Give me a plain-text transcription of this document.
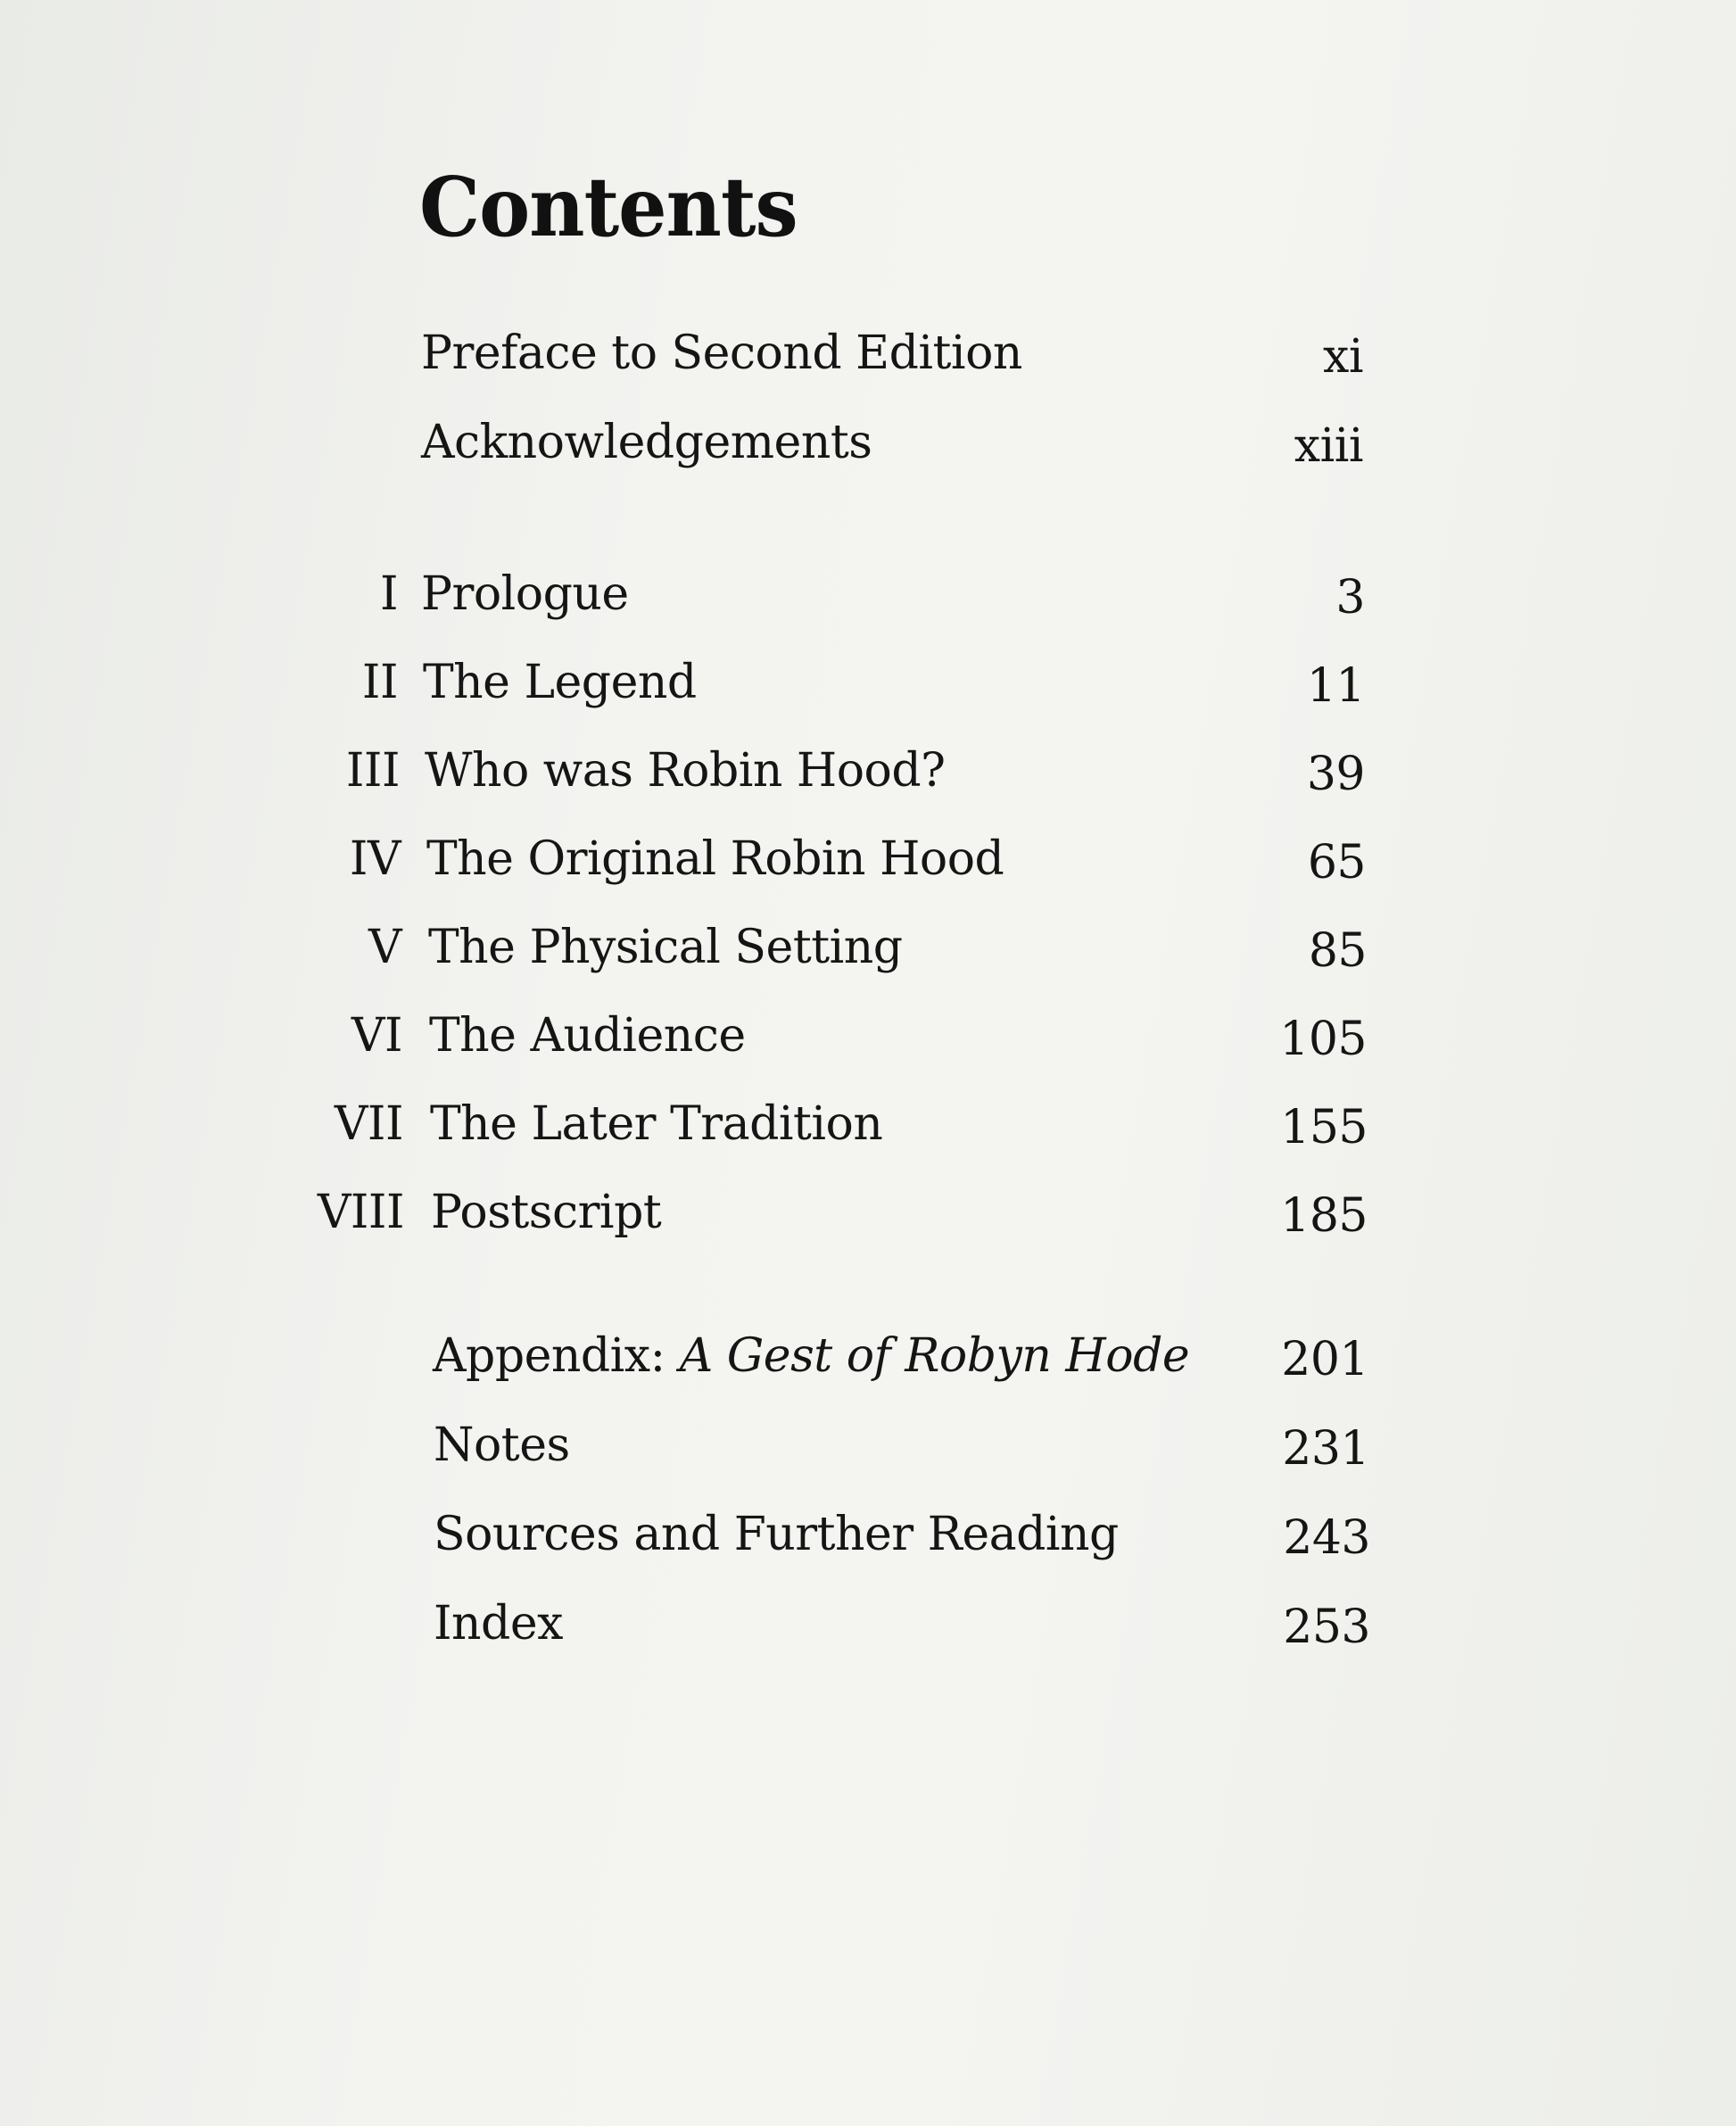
Contents
Preface to Second Edition	xi
Acknowledgements	xiii
I Prologue	3
II The Legend	11
III Who was Robin Hood?	39
IV The Original Robin Hood	65
V The Physical Setting	85
VI The Audience	105
VII The Later Tradition	155
VIII Postscript	185
Appendix: A Gest of Robyn Hode 201
Notes	231
Sources and Further Reading	243
Index	253
